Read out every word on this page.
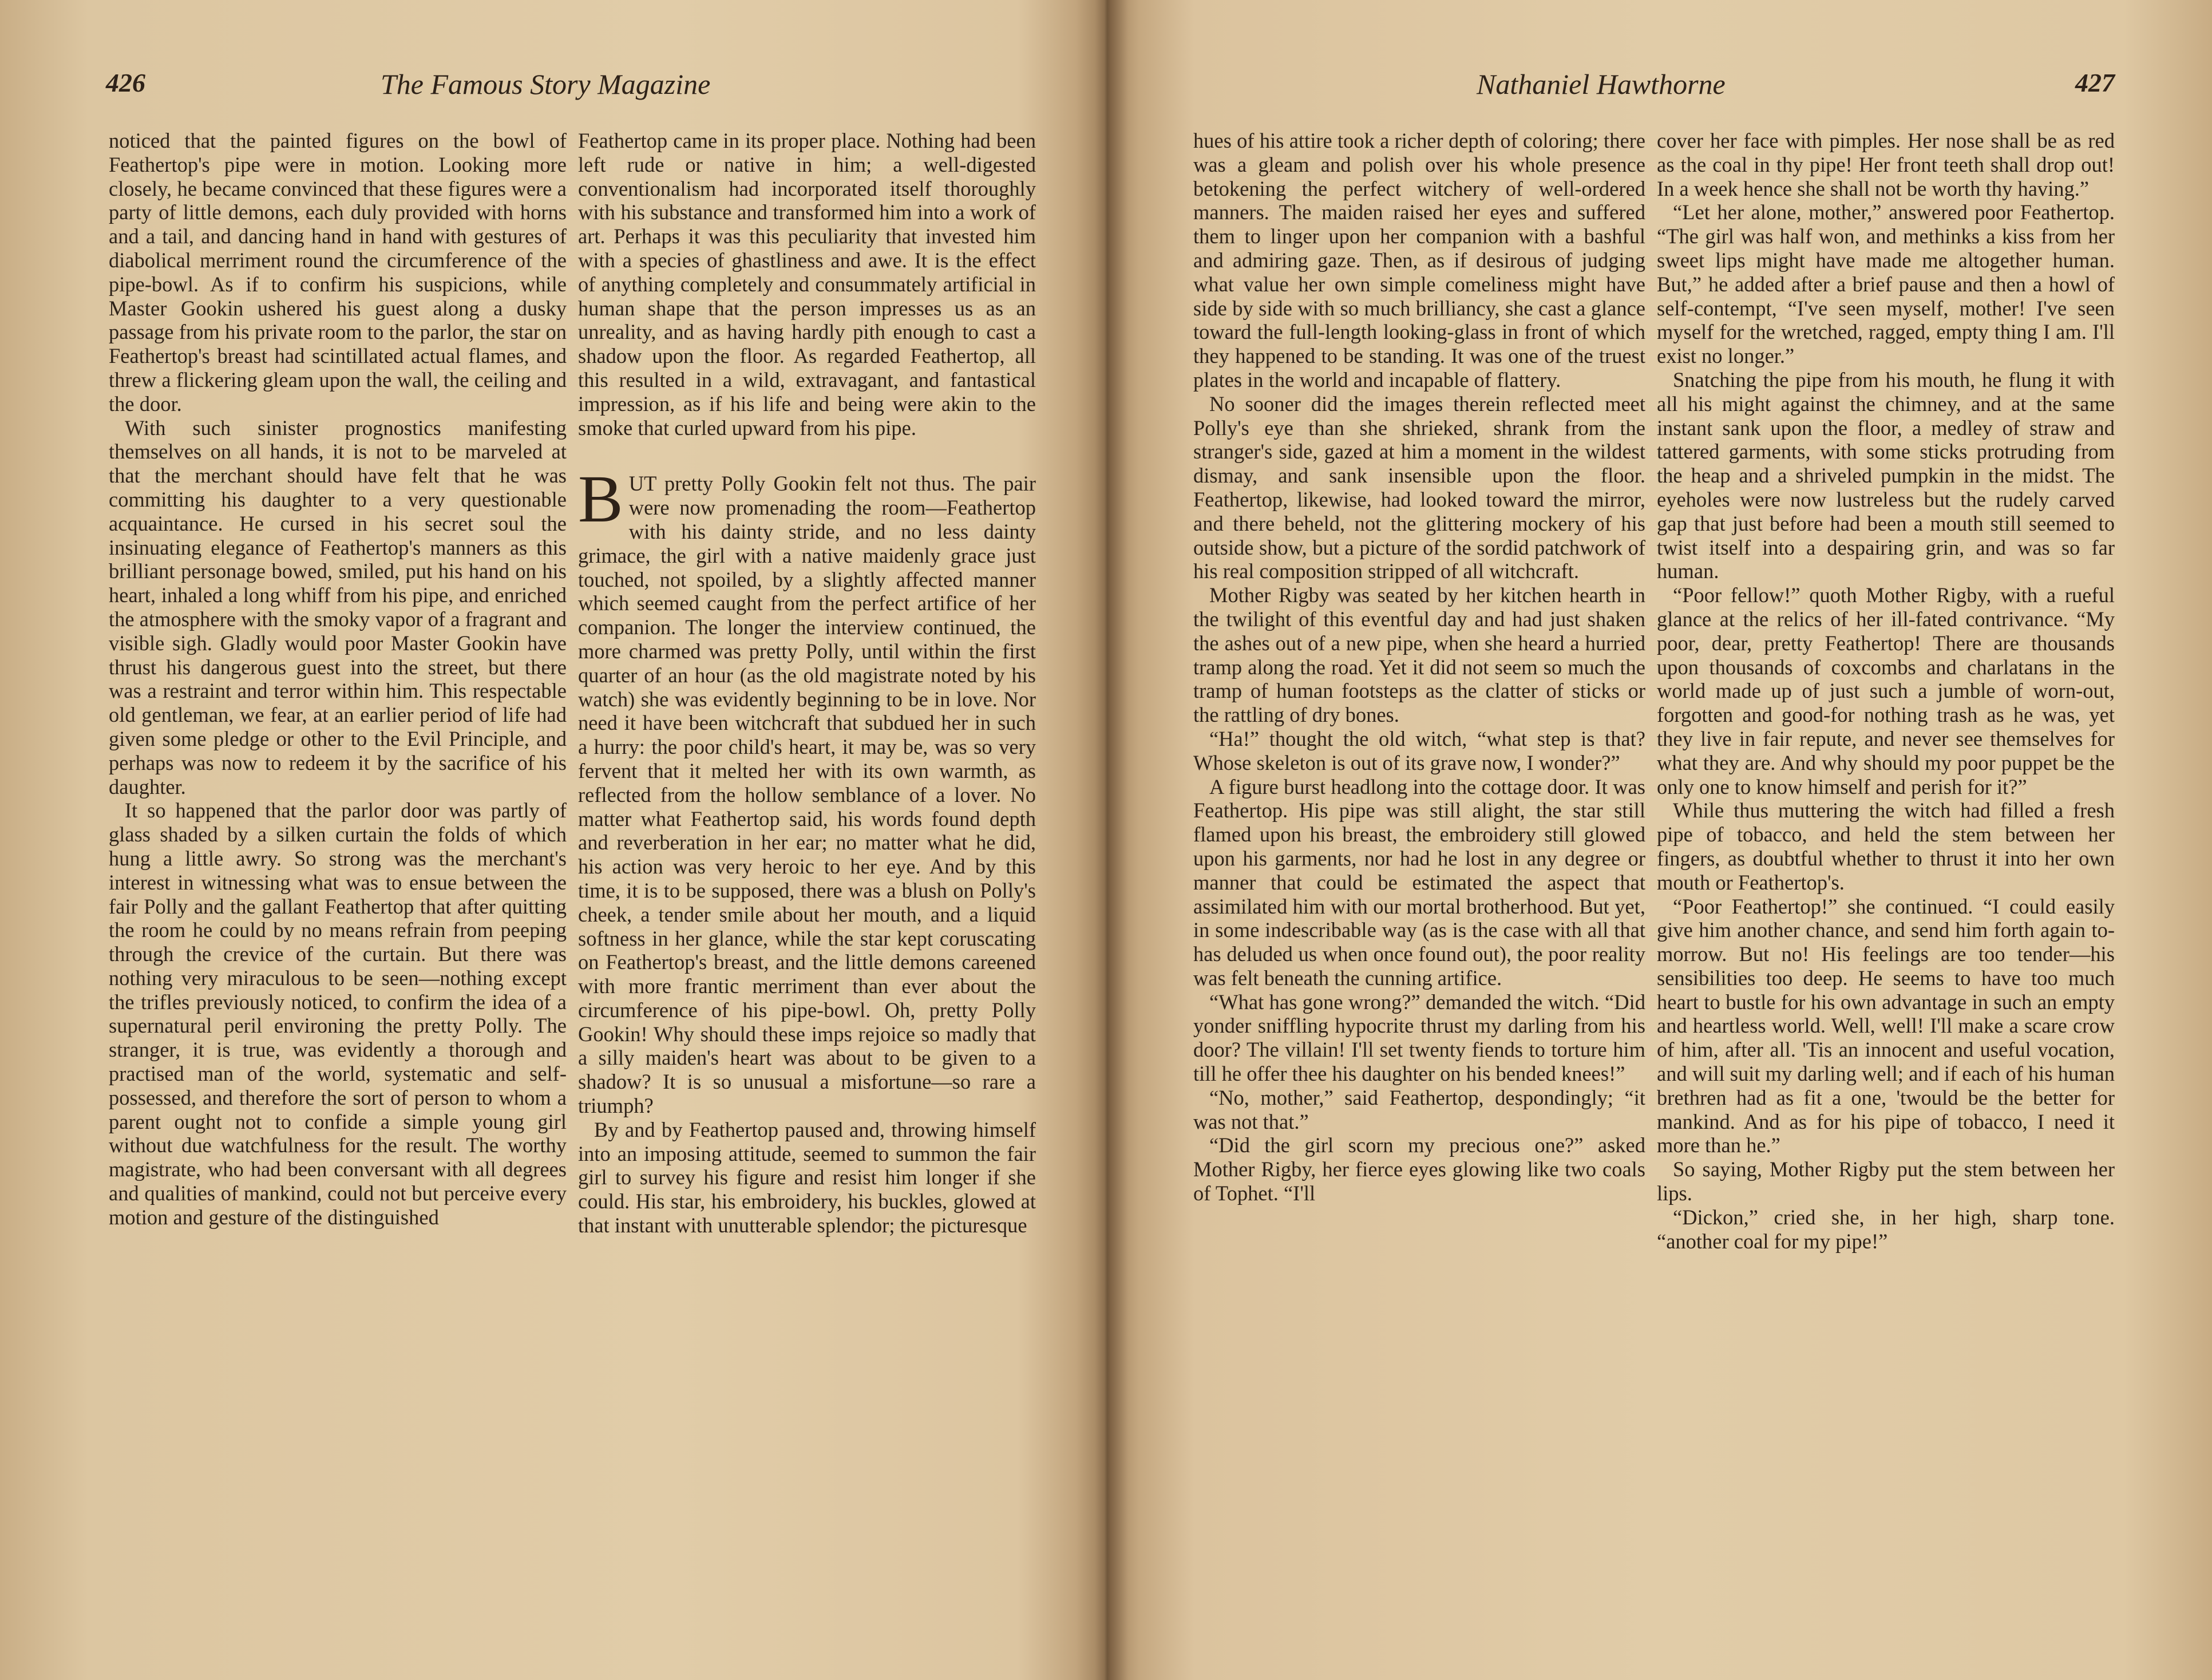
426	The Famous Story Magazine

noticed that the painted figures on the bowl of Feathertop's pipe were in motion. Looking more closely, he became convinced that these figures were a party of little demons, each duly provided with horns and a tail, and dancing hand in hand with gestures of diabolical merriment round the circumference of the pipe-bowl. As if to confirm his suspicions, while Master Gookin ushered his guest along a dusky passage from his private room to the parlor, the star on Feathertop's breast had scintillated actual flames, and threw a flickering gleam upon the wall, the ceiling and the door.

With such sinister prognostics manifesting themselves on all hands, it is not to be marveled at that the merchant should have felt that he was committing his daughter to a very questionable acquaintance. He cursed in his secret soul the insinuating elegance of Feathertop's manners as this brilliant personage bowed, smiled, put his hand on his heart, inhaled a long whiff from his pipe, and enriched the atmosphere with the smoky vapor of a fragrant and visible sigh. Gladly would poor Master Gookin have thrust his dangerous guest into the street, but there was a restraint and terror within him. This respectable old gentleman, we fear, at an earlier period of life had given some pledge or other to the Evil Principle, and perhaps was now to redeem it by the sacrifice of his daughter.

It so happened that the parlor door was partly of glass shaded by a silken curtain the folds of which hung a little awry. So strong was the merchant's interest in witnessing what was to ensue between the fair Polly and the gallant Feathertop that after quitting the room he could by no means refrain from peeping through the crevice of the curtain. But there was nothing very miraculous to be seen—nothing except the trifles previously noticed, to confirm the idea of a supernatural peril environing the pretty Polly. The stranger, it is true, was evidently a thorough and practised man of the world, systematic and self-possessed, and therefore the sort of person to whom a parent ought not to confide a simple young girl without due watchfulness for the result. The worthy magistrate, who had been conversant with all degrees and qualities of mankind, could not but perceive every motion and gesture of the distinguished

Feathertop came in its proper place. Nothing had been left rude or native in him; a well-digested conventionalism had incorporated itself thoroughly with his substance and transformed him into a work of art. Perhaps it was this peculiarity that invested him with a species of ghastliness and awe. It is the effect of anything completely and consummately artificial in human shape that the person impresses us as an unreality, and as having hardly pith enough to cast a shadow upon the floor. As regarded Feathertop, all this resulted in a wild, extravagant, and fantastical impression, as if his life and being were akin to the smoke that curled upward from his pipe.

BUT pretty Polly Gookin felt not thus. The pair were now promenading the room—Feathertop with his dainty stride, and no less dainty grimace, the girl with a native maidenly grace just touched, not spoiled, by a slightly affected manner which seemed caught from the perfect artifice of her companion. The longer the interview continued, the more charmed was pretty Polly, until within the first quarter of an hour (as the old magistrate noted by his watch) she was evidently beginning to be in love. Nor need it have been witchcraft that subdued her in such a hurry: the poor child's heart, it may be, was so very fervent that it melted her with its own warmth, as reflected from the hollow semblance of a lover. No matter what Feathertop said, his words found depth and reverberation in her ear; no matter what he did, his action was very heroic to her eye. And by this time, it is to be supposed, there was a blush on Polly's cheek, a tender smile about her mouth, and a liquid softness in her glance, while the star kept coruscating on Feathertop's breast, and the little demons careened with more frantic merriment than ever about the circumference of his pipe-bowl. Oh, pretty Polly Gookin! Why should these imps rejoice so madly that a silly maiden's heart was about to be given to a shadow? It is so unusual a misfortune—so rare a triumph?

By and by Feathertop paused and, throwing himself into an imposing attitude, seemed to summon the fair girl to survey his figure and resist him longer if she could. His star, his embroidery, his buckles, glowed at that instant with unutterable splendor; the picturesque

Nathaniel Hawthorne	427

hues of his attire took a richer depth of coloring; there was a gleam and polish over his whole presence betokening the perfect witchery of well-ordered manners. The maiden raised her eyes and suffered them to linger upon her companion with a bashful and admiring gaze. Then, as if desirous of judging what value her own simple comeliness might have side by side with so much brilliancy, she cast a glance toward the full-length looking-glass in front of which they happened to be standing. It was one of the truest plates in the world and incapable of flattery.

No sooner did the images therein reflected meet Polly's eye than she shrieked, shrank from the stranger's side, gazed at him a moment in the wildest dismay, and sank insensible upon the floor. Feathertop, likewise, had looked toward the mirror, and there beheld, not the glittering mockery of his outside show, but a picture of the sordid patchwork of his real composition stripped of all witchcraft.

Mother Rigby was seated by her kitchen hearth in the twilight of this eventful day and had just shaken the ashes out of a new pipe, when she heard a hurried tramp along the road. Yet it did not seem so much the tramp of human footsteps as the clatter of sticks or the rattling of dry bones.

“Ha!” thought the old witch, “what step is that? Whose skeleton is out of its grave now, I wonder?”

A figure burst headlong into the cottage door. It was Feathertop. His pipe was still alight, the star still flamed upon his breast, the embroidery still glowed upon his garments, nor had he lost in any degree or manner that could be estimated the aspect that assimilated him with our mortal brotherhood. But yet, in some indescribable way (as is the case with all that has deluded us when once found out), the poor reality was felt beneath the cunning artifice.

“What has gone wrong?” demanded the witch. “Did yonder sniffling hypocrite thrust my darling from his door? The villain! I'll set twenty fiends to torture him till he offer thee his daughter on his bended knees!”

“No, mother,” said Feathertop, despondingly; “it was not that.”

“Did the girl scorn my precious one?” asked Mother Rigby, her fierce eyes glowing like two coals of Tophet. “I'll

cover her face with pimples. Her nose shall be as red as the coal in thy pipe! Her front teeth shall drop out! In a week hence she shall not be worth thy having.”

“Let her alone, mother,” answered poor Feathertop. “The girl was half won, and methinks a kiss from her sweet lips might have made me altogether human. But,” he added after a brief pause and then a howl of self-contempt, “I've seen myself, mother! I've seen myself for the wretched, ragged, empty thing I am. I'll exist no longer.”

Snatching the pipe from his mouth, he flung it with all his might against the chimney, and at the same instant sank upon the floor, a medley of straw and tattered garments, with some sticks protruding from the heap and a shriveled pumpkin in the midst. The eyeholes were now lustreless but the rudely carved gap that just before had been a mouth still seemed to twist itself into a despairing grin, and was so far human.

“Poor fellow!” quoth Mother Rigby, with a rueful glance at the relics of her ill-fated contrivance. “My poor, dear, pretty Feathertop! There are thousands upon thousands of coxcombs and charlatans in the world made up of just such a jumble of worn-out, forgotten and good-for nothing trash as he was, yet they live in fair repute, and never see themselves for what they are. And why should my poor puppet be the only one to know himself and perish for it?”

While thus muttering the witch had filled a fresh pipe of tobacco, and held the stem between her fingers, as doubtful whether to thrust it into her own mouth or Feathertop's.

“Poor Feathertop!” she continued. “I could easily give him another chance, and send him forth again to-morrow. But no! His feelings are too tender—his sensibilities too deep. He seems to have too much heart to bustle for his own advantage in such an empty and heartless world. Well, well! I'll make a scare crow of him, after all. 'Tis an innocent and useful vocation, and will suit my darling well; and if each of his human brethren had as fit a one, 'twould be the better for mankind. And as for his pipe of tobacco, I need it more than he.”

So saying, Mother Rigby put the stem between her lips.

“Dickon,” cried she, in her high, sharp tone. “another coal for my pipe!”
